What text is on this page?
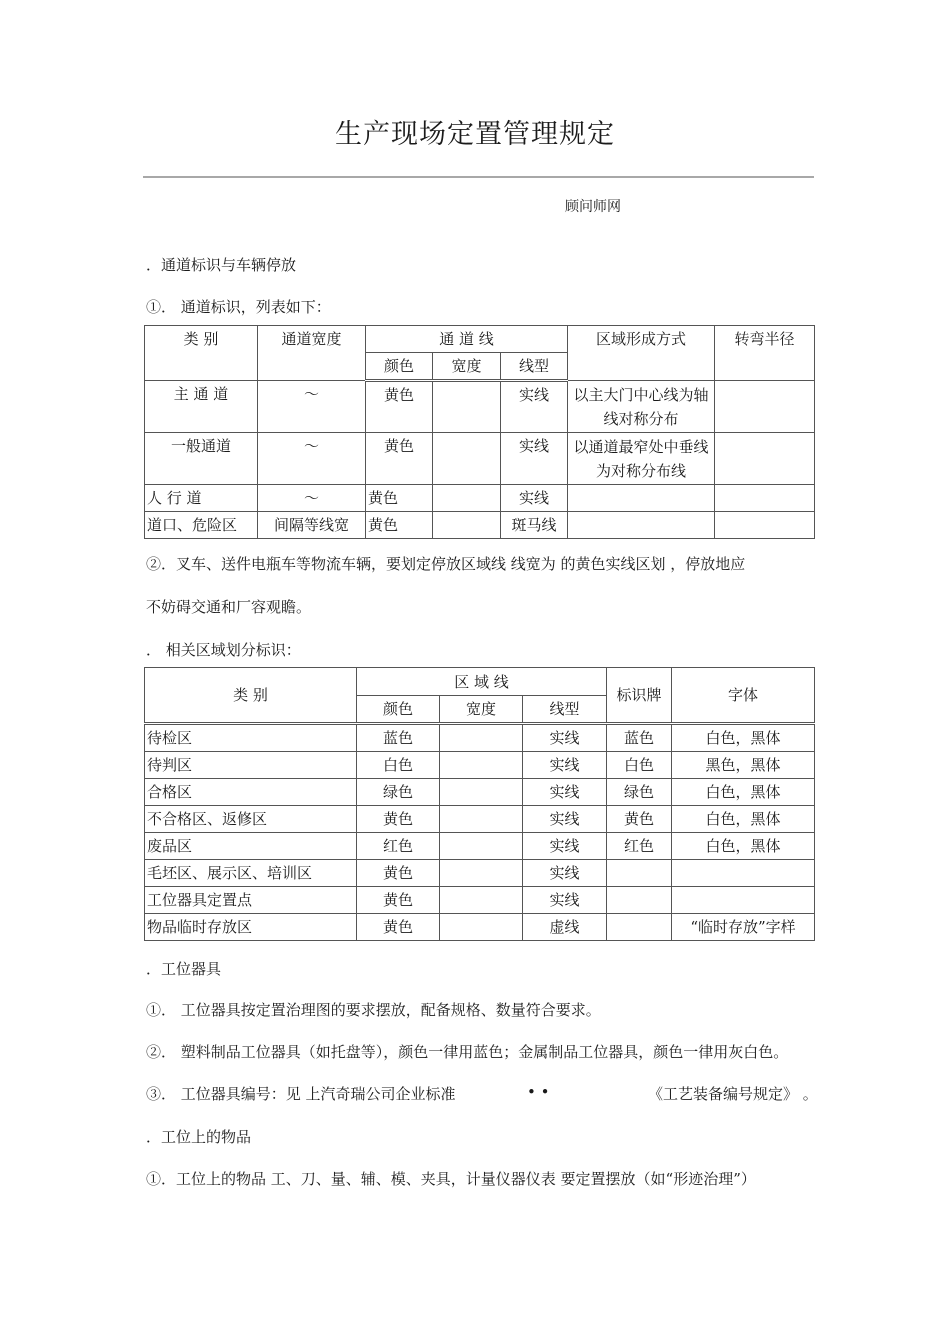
生产现场定置管理规定
顾问师网
．通道标识与车辆停放
①． 通道标识，列表如下：
类 别	通道宽度	通 道 线			区域形成方式	转弯半径
		颜色	宽度	线型		
主 通 道	～	黄色		实线	以主大门中心线为轴线对称分布	
一般通道	～	黄色		实线	以通道最窄处中垂线为对称分布线	
人 行 道	～	黄色		实线		
道口、危险区	间隔等线宽	黄色		斑马线		
②．叉车、送件电瓶车等物流车辆，要划定停放区域线 线宽为 的黄色实线区划 ，停放地应
不妨碍交通和厂容观瞻。
． 相关区域划分标识：
类 别	区 域 线			标识牌	字体
	颜色	宽度	线型		
待检区	蓝色		实线	蓝色	白色，黑体
待判区	白色		实线	白色	黑色，黑体
合格区	绿色		实线	绿色	白色，黑体
不合格区、返修区	黄色		实线	黄色	白色，黑体
废品区	红色		实线	红色	白色，黑体
毛坯区、展示区、培训区	黄色		实线		
工位器具定置点	黄色		实线		
物品临时存放区	黄色		虚线		“临时存放”字样
．工位器具
①． 工位器具按定置治理图的要求摆放，配备规格、数量符合要求。
②． 塑料制品工位器具（如托盘等），颜色一律用蓝色；金属制品工位器具，颜色一律用灰白色。
③． 工位器具编号：见 上汽奇瑞公司企业标准	• •	《工艺装备编号规定》 。
．工位上的物品
①．工位上的物品 工、刀、量、辅、模、夹具，计量仪器仪表 要定置摆放（如“形迹治理”）
